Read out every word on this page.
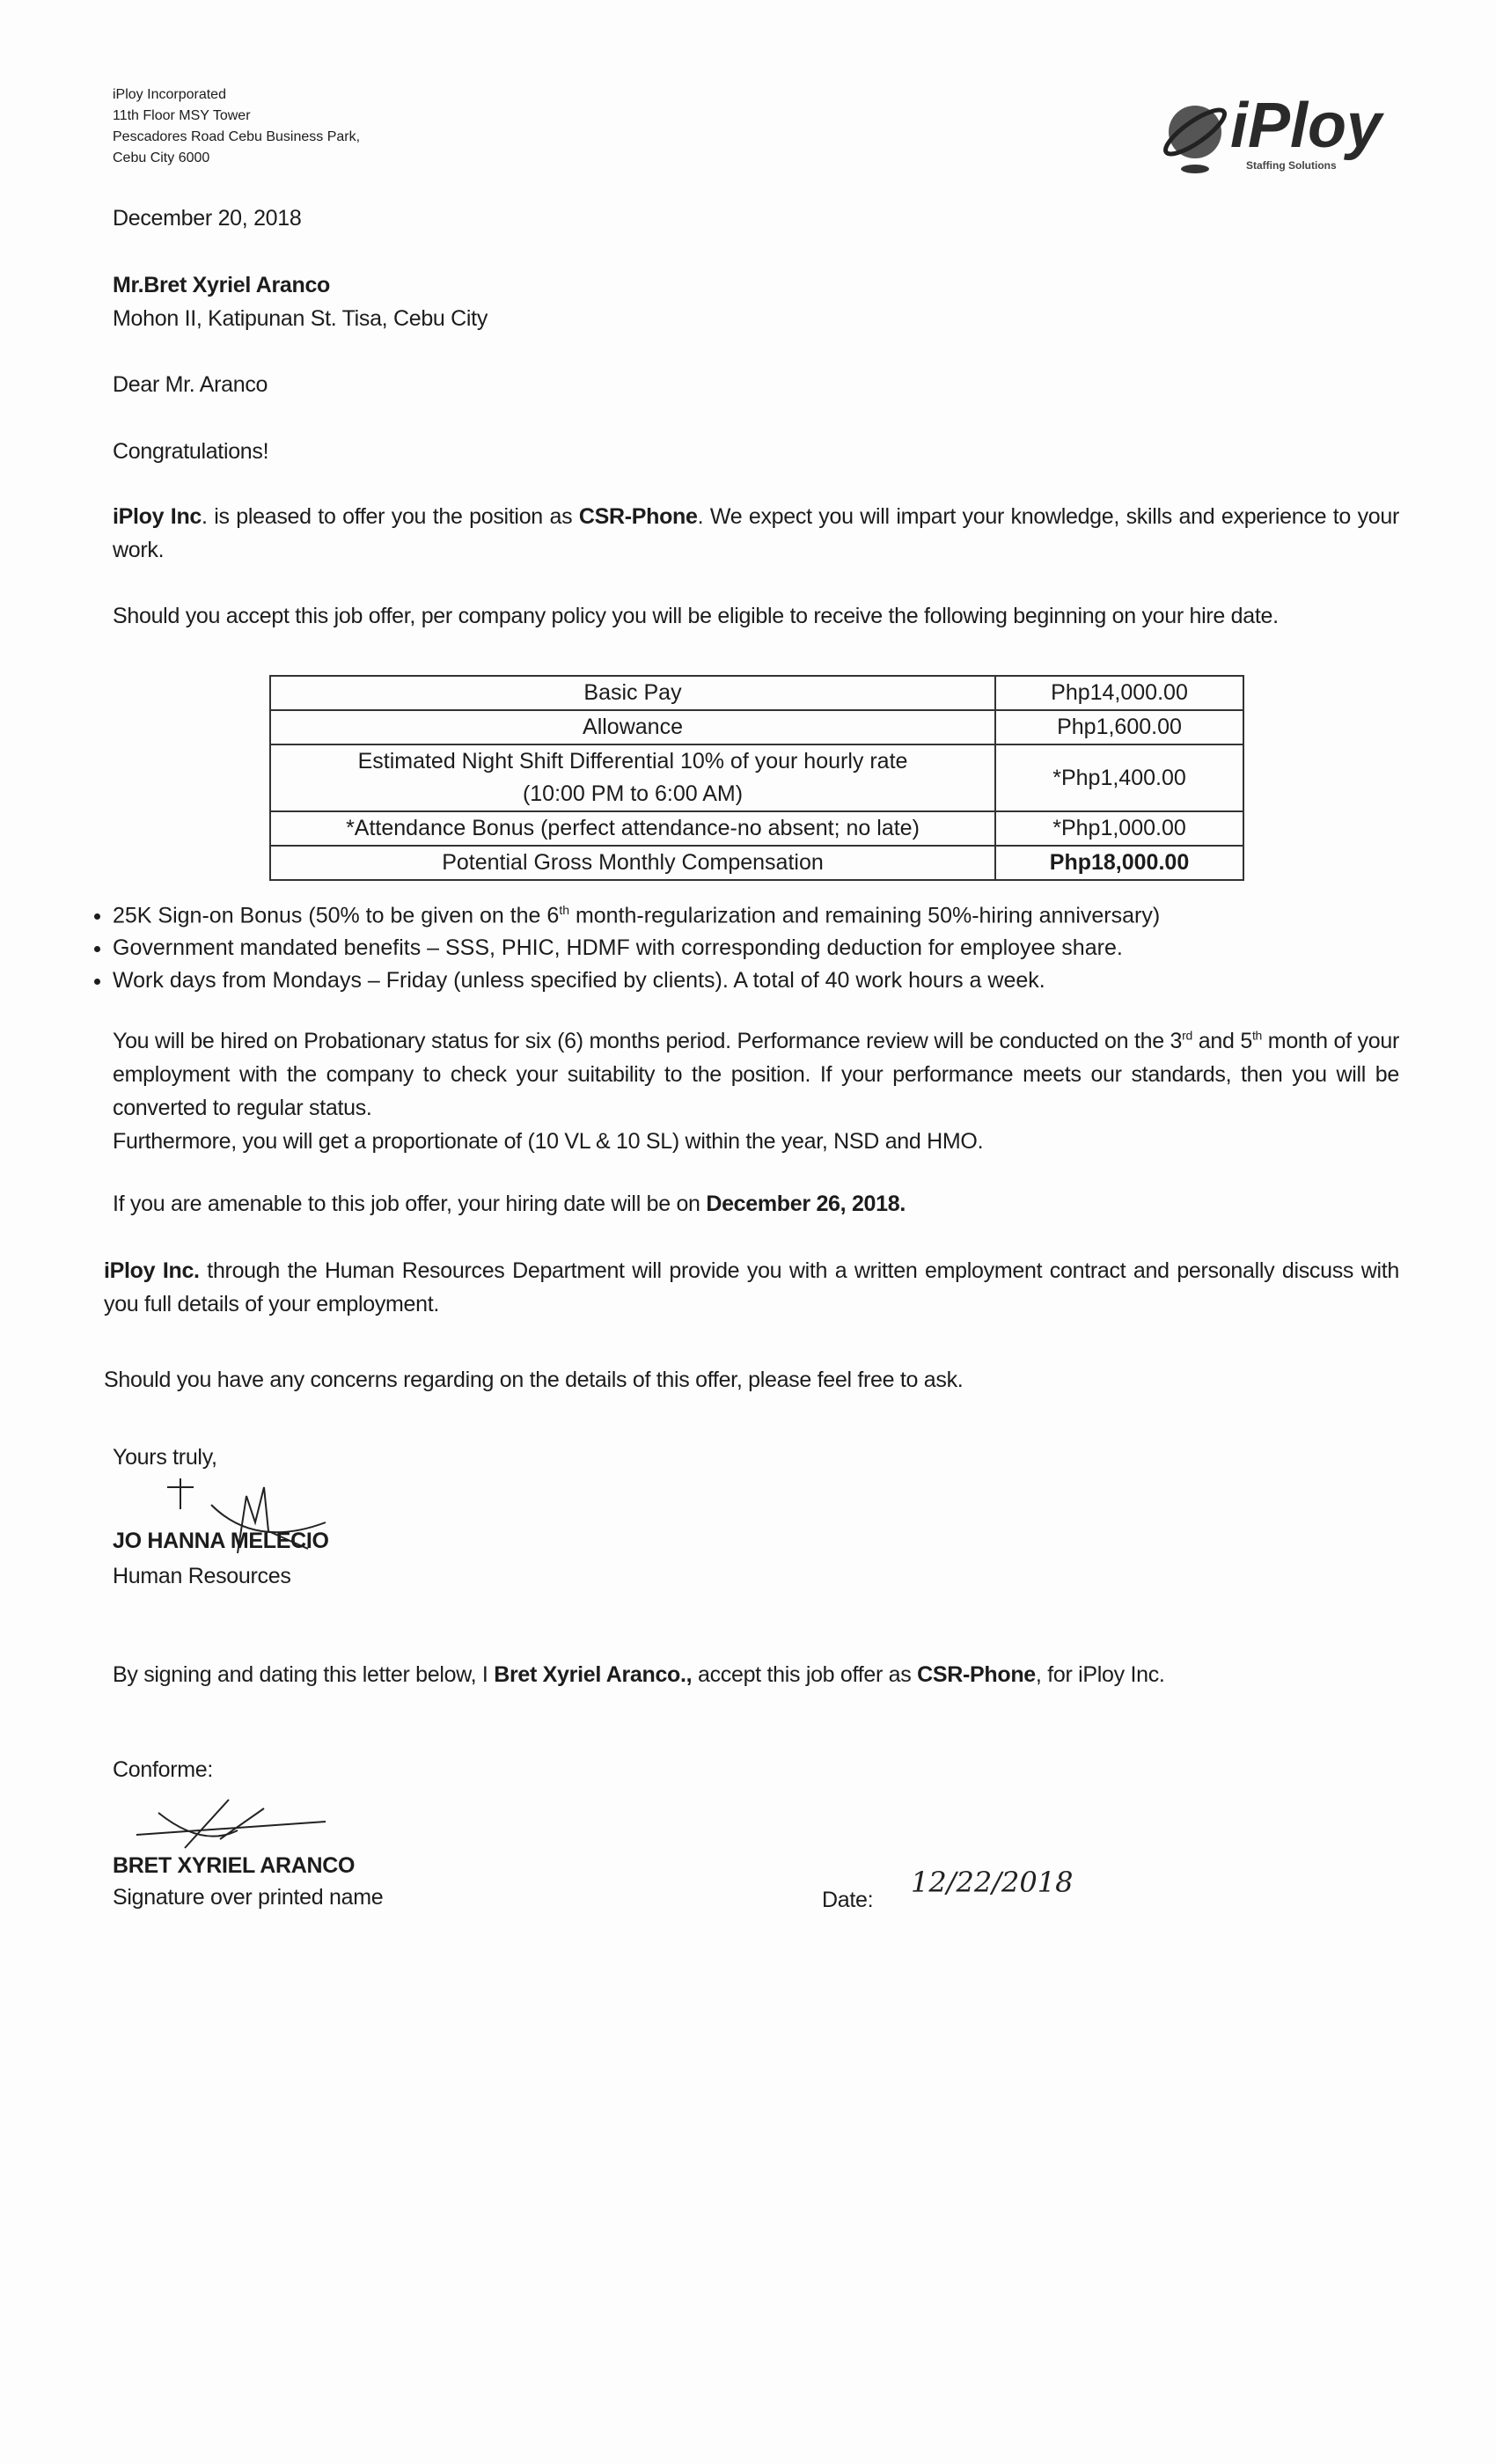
iPloy Incorporated
11th Floor MSY Tower
Pescadores Road Cebu Business Park,
Cebu City 6000	iPloy
Staffing Solutions
December 20, 2018
Mr.Bret Xyriel Aranco
Mohon II, Katipunan St. Tisa, Cebu City
Dear Mr. Aranco
Congratulations!
iPloy Inc. is pleased to offer you the position as CSR-Phone. We expect you will impart your knowledge, skills and experience to your work.
Should you accept this job offer, per company policy you will be eligible to receive the following beginning on your hire date.
Basic Pay	Php14,000.00
Allowance	Php1,600.00

Estimated Night Shift Differential 10% of your hourly rate
(10:00 PM to 6:00 AM)	*Php1,400.00
*Attendance Bonus (perfect attendance-no absent; no late)	*Php1,000.00
Potential Gross Monthly Compensation	Php18,000.00
• 25K Sign-on Bonus (50% to be given on the 6th month-regularization and remaining 50%-hiring anniversary)
• Government mandated benefits – SSS, PHIC, HDMF with corresponding deduction for employee share.
• Work days from Mondays – Friday (unless specified by clients). A total of 40 work hours a week.
You will be hired on Probationary status for six (6) months period. Performance review will be conducted on the 3rd and 5th month of your employment with the company to check your suitability to the position. If your performance meets our standards, then you will be converted to regular status.
Furthermore, you will get a proportionate of (10 VL & 10 SL) within the year, NSD and HMO.
If you are amenable to this job offer, your hiring date will be on December 26, 2018.
iPloy Inc. through the Human Resources Department will provide you with a written employment contract and personally discuss with you full details of your employment.
Should you have any concerns regarding on the details of this offer, please feel free to ask.
Yours truly,
JO HANNA MELECIO
Human Resources
By signing and dating this letter below, I Bret Xyriel Aranco., accept this job offer as CSR-Phone, for iPloy Inc.
Conforme:
BRET XYRIEL ARANCO
Signature over printed name	Date:
12/22/2018
